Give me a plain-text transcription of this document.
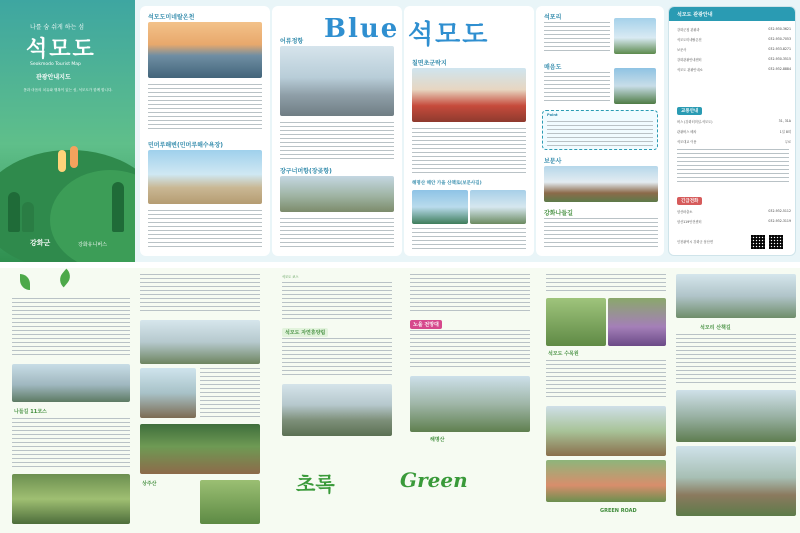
나를 숨 쉬게 하는 섬
석모도
Seokmodo Tourist Map
관광안내지도
몸과 마음의 치유와 행복이 있는 섬, 석모도가 함께 합니다.
강화군	강화유니버스
석모도미네랄온천
민머루해변(민머루해수욕장)
Blue
어류정항
장구너머항(장곶항)
석모도
칠면초군락지
해명산 해안 가을 산책로(보문사길)
석포리
매음도
Point
보문사
강화나들길
석모도 관광안내
강화군청 관광과	032-930-3621
석모도미네랄온천	032-930-7053
보문사	032-933-8271
강화관광안내센터	032-930-3515
석모도 관광안내소	032-932-8884
교통안내
버스 (강화터미널-석모도)	31, 31A
관광버스 배차	1일 8회
석모대교 이용	무료
긴급전화
삼산파출소	032-932-5112
삼산119안전센터	032-932-3119
인천광역시 강화군 삼산면
나들길 11코스
상주산
석모도 코스
석모도 자연휴양림
초록
노을 전망대
해명산
Green
석모도 수목원
GREEN ROAD
석모리 산책길
